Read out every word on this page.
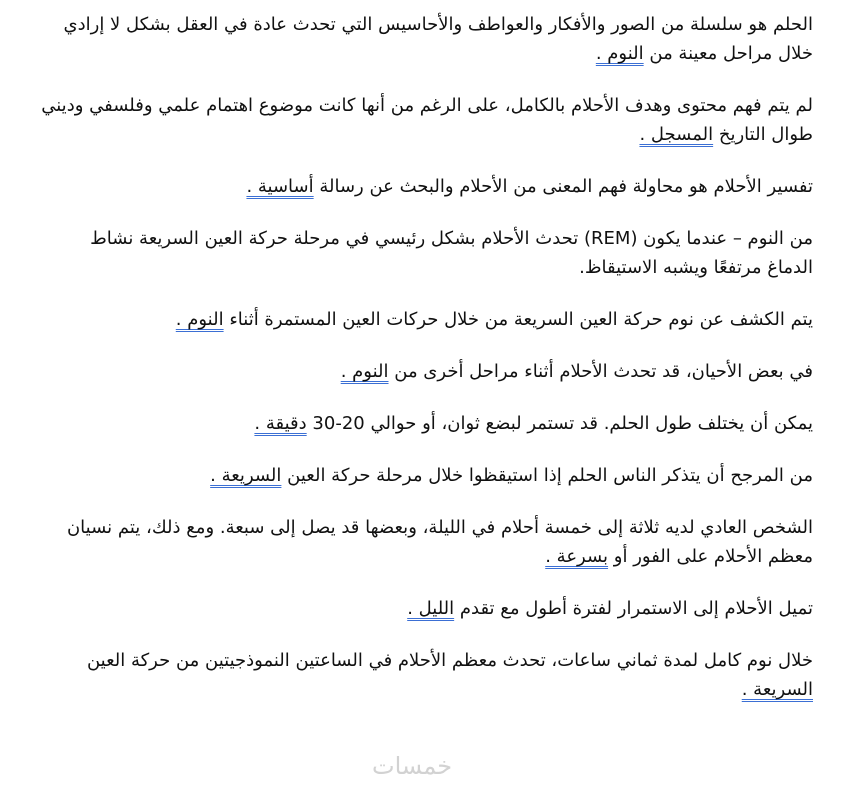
الحلم هو سلسلة من الصور والأفكار والعواطف والأحاسيس التي تحدث عادة في العقل بشكل لا إرادي خلال مراحل معينة من النوم .

لم يتم فهم محتوى وهدف الأحلام بالكامل، على الرغم من أنها كانت موضوع اهتمام علمي وفلسفي وديني طوال التاريخ المسجل .

تفسير الأحلام هو محاولة فهم المعنى من الأحلام والبحث عن رسالة أساسية .

من النوم – عندما يكون (REM) تحدث الأحلام بشكل رئيسي في مرحلة حركة العين السريعة نشاط الدماغ مرتفعًا ويشبه الاستيقاظ.

يتم الكشف عن نوم حركة العين السريعة من خلال حركات العين المستمرة أثناء النوم .

في بعض الأحيان، قد تحدث الأحلام أثناء مراحل أخرى من النوم .

يمكن أن يختلف طول الحلم. قد تستمر لبضع ثوان، أو حوالي 20-30 دقيقة .

من المرجح أن يتذكر الناس الحلم إذا استيقظوا خلال مرحلة حركة العين السريعة .

الشخص العادي لديه ثلاثة إلى خمسة أحلام في الليلة، وبعضها قد يصل إلى سبعة. ومع ذلك، يتم نسيان معظم الأحلام على الفور أو بسرعة .

تميل الأحلام إلى الاستمرار لفترة أطول مع تقدم الليل .

خلال نوم كامل لمدة ثماني ساعات، تحدث معظم الأحلام في الساعتين النموذجيتين من حركة العين السريعة .

خمسات
